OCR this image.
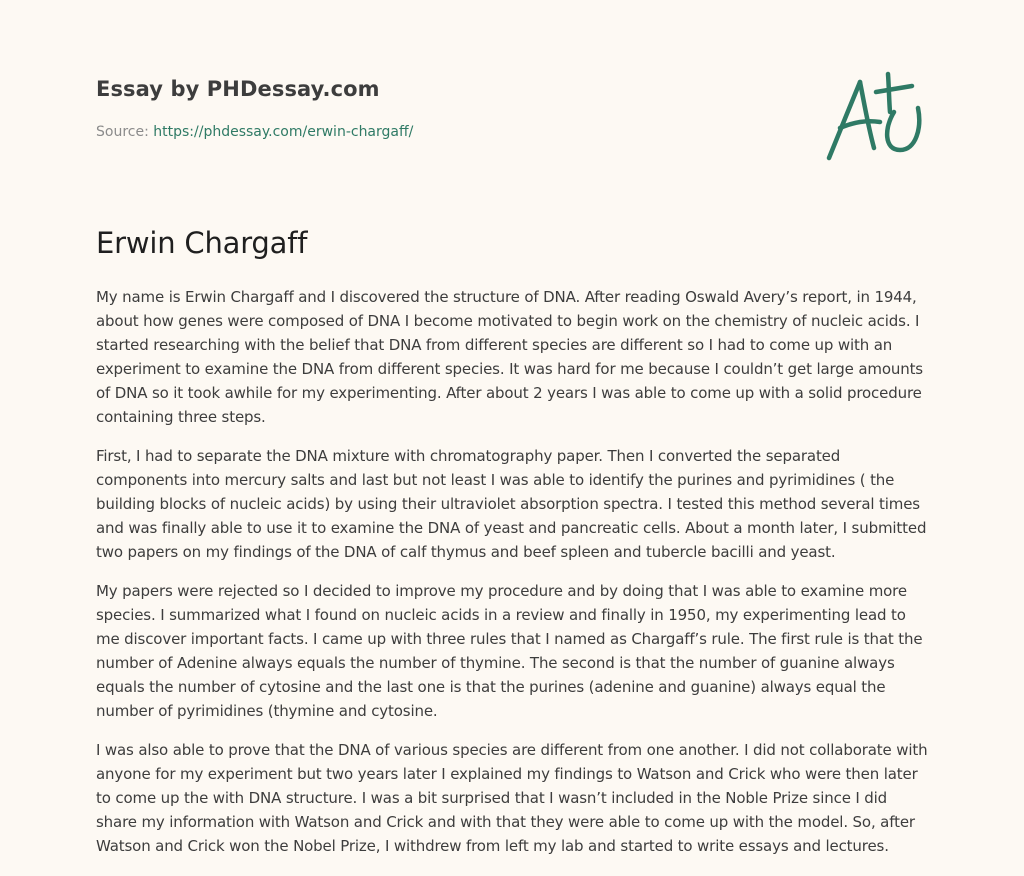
Essay by PHDessay.com
Source: https://phdessay.com/erwin-chargaff/
Erwin Chargaff

My name is Erwin Chargaff and I discovered the structure of DNA. After reading Oswald Avery’s report, in 1944, about how genes were composed of DNA I become motivated to begin work on the chemistry of nucleic acids. I started researching with the belief that DNA from different species are different so I had to come up with an experiment to examine the DNA from different species. It was hard for me because I couldn’t get large amounts of DNA so it took awhile for my experimenting. After about 2 years I was able to come up with a solid procedure containing three steps.

First, I had to separate the DNA mixture with chromatography paper. Then I converted the separated components into mercury salts and last but not least I was able to identify the purines and pyrimidines ( the building blocks of nucleic acids) by using their ultraviolet absorption spectra. I tested this method several times and was finally able to use it to examine the DNA of yeast and pancreatic cells. About a month later, I submitted two papers on my findings of the DNA of calf thymus and beef spleen and tubercle bacilli and yeast.

My papers were rejected so I decided to improve my procedure and by doing that I was able to examine more species. I summarized what I found on nucleic acids in a review and finally in 1950, my experimenting lead to me discover important facts. I came up with three rules that I named as Chargaff’s rule. The first rule is that the number of Adenine always equals the number of thymine. The second is that the number of guanine always equals the number of cytosine and the last one is that the purines (adenine and guanine) always equal the number of pyrimidines (thymine and cytosine.

I was also able to prove that the DNA of various species are different from one another. I did not collaborate with anyone for my experiment but two years later I explained my findings to Watson and Crick who were then later to come up the with DNA structure. I was a bit surprised that I wasn’t included in the Noble Prize since I did share my information with Watson and Crick and with that they were able to come up with the model. So, after Watson and Crick won the Nobel Prize, I withdrew from left my lab and started to write essays and lectures.
